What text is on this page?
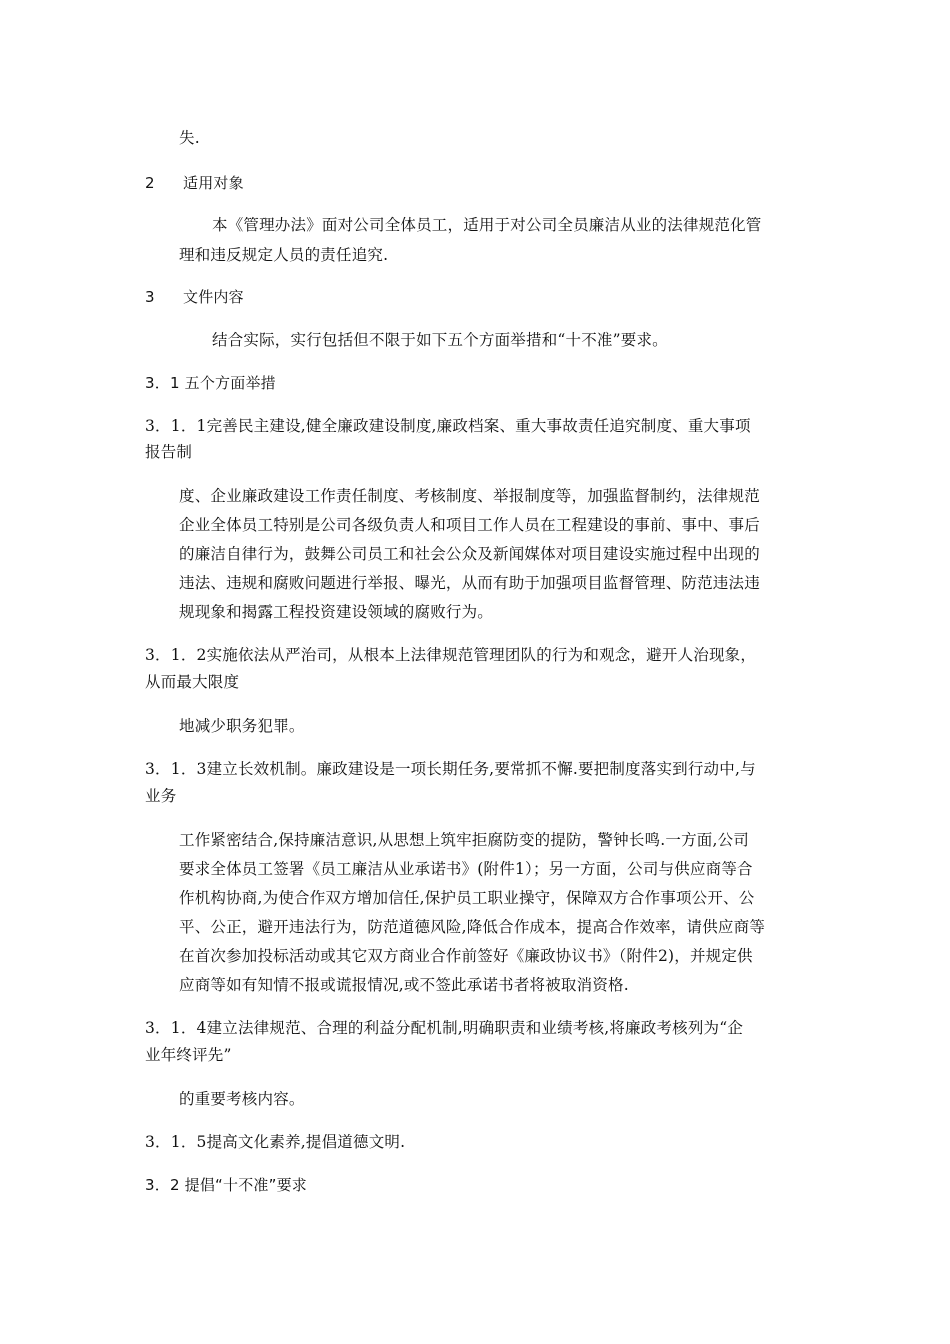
失.
2 适用对象
本《管理办法》面对公司全体员工，适用于对公司全员廉洁从业的法律规范化管
理和违反规定人员的责任追究.
3 文件内容
结合实际，实行包括但不限于如下五个方面举措和“十不准”要求。
3．1 五个方面举措
3．1．1完善民主建设,健全廉政建设制度,廉政档案、重大事故责任追究制度、重大事项
报告制
度、企业廉政建设工作责任制度、考核制度、举报制度等，加强监督制约，法律规范
企业全体员工特别是公司各级负责人和项目工作人员在工程建设的事前、事中、事后
的廉洁自律行为，鼓舞公司员工和社会公众及新闻媒体对项目建设实施过程中出现的
违法、违规和腐败问题进行举报、曝光，从而有助于加强项目监督管理、防范违法违
规现象和揭露工程投资建设领域的腐败行为。
3．1．2实施依法从严治司，从根本上法律规范管理团队的行为和观念，避开人治现象，
从而最大限度
地减少职务犯罪。
3．1．3建立长效机制。廉政建设是一项长期任务,要常抓不懈.要把制度落实到行动中,与
业务
工作紧密结合,保持廉洁意识,从思想上筑牢拒腐防变的提防，警钟长鸣.一方面,公司
要求全体员工签署《员工廉洁从业承诺书》(附件1）；另一方面，公司与供应商等合
作机构协商,为使合作双方增加信任,保护员工职业操守，保障双方合作事项公开、公
平、公正，避开违法行为，防范道德风险,降低合作成本，提高合作效率，请供应商等
在首次参加投标活动或其它双方商业合作前签好《廉政协议书》（附件2)，并规定供
应商等如有知情不报或谎报情况,或不签此承诺书者将被取消资格.
3．1．4建立法律规范、合理的利益分配机制,明确职责和业绩考核,将廉政考核列为“企
业年终评先”
的重要考核内容。
3．1．5提高文化素养,提倡道德文明.
3．2 提倡“十不准”要求
